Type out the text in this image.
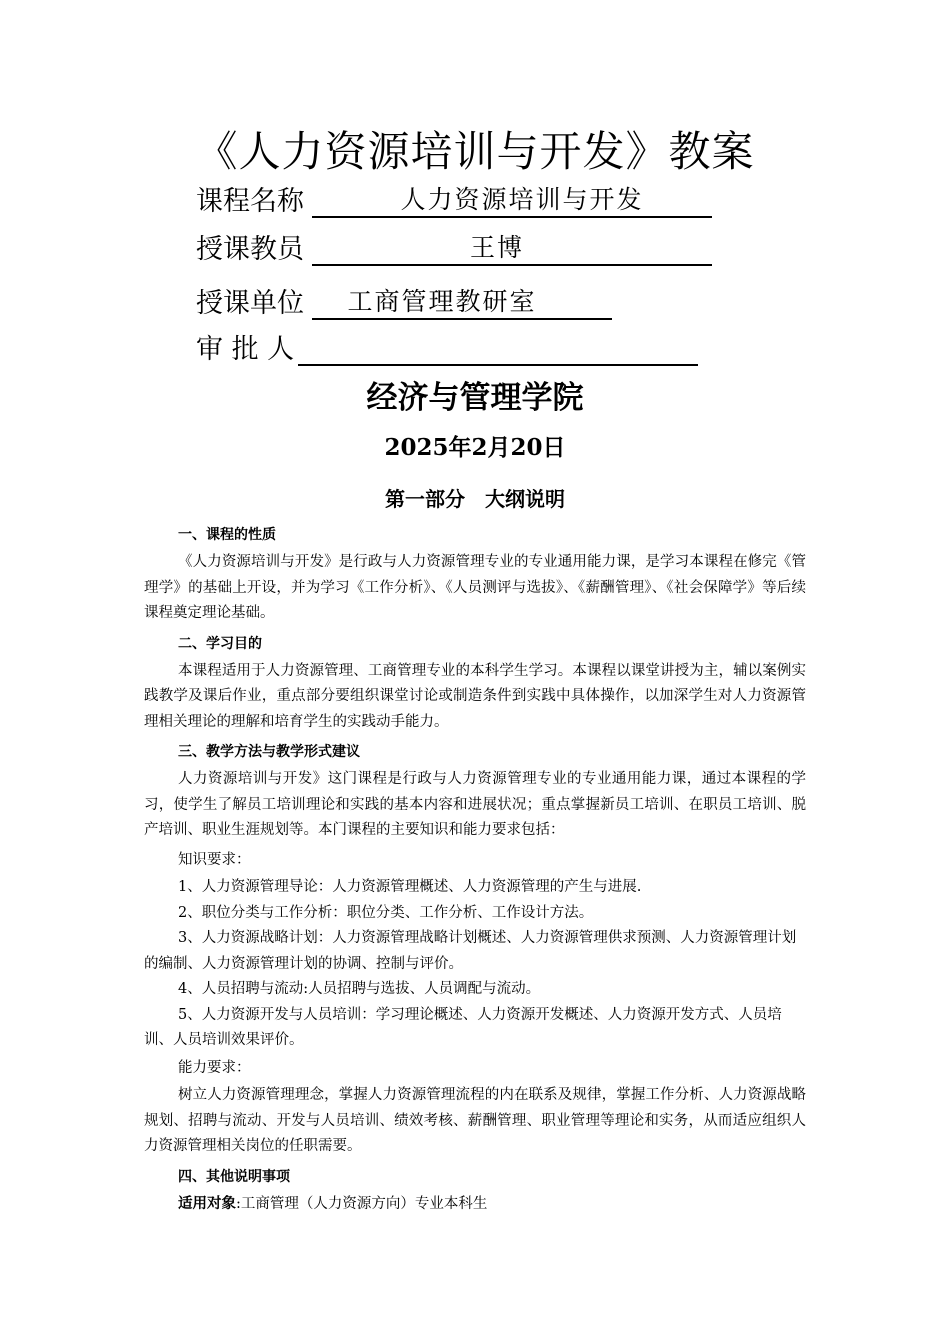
《人力资源培训与开发》教案
课程名称	人力资源培训与开发
授课教员	王博
授课单位	工商管理教研室
审 批 人
经济与管理学院
2025年2月20日
第一部分　大纲说明
一、课程的性质

《人力资源培训与开发》是行政与人力资源管理专业的专业通用能力课，是学习本课程在修完《管理学》的基础上开设，并为学习《工作分析》、《人员测评与选拔》、《薪酬管理》、《社会保障学》等后续课程奠定理论基础。

二、学习目的

本课程适用于人力资源管理、工商管理专业的本科学生学习。本课程以课堂讲授为主，辅以案例实践教学及课后作业，重点部分要组织课堂讨论或制造条件到实践中具体操作，以加深学生对人力资源管理相关理论的理解和培育学生的实践动手能力。

三、教学方法与教学形式建议

人力资源培训与开发》这门课程是行政与人力资源管理专业的专业通用能力课，通过本课程的学习，使学生了解员工培训理论和实践的基本内容和进展状况；重点掌握新员工培训、在职员工培训、脱产培训、职业生涯规划等。本门课程的主要知识和能力要求包括：

知识要求：

1、人力资源管理导论：人力资源管理概述、人力资源管理的产生与进展.

2、职位分类与工作分析：职位分类、工作分析、工作设计方法。

3、人力资源战略计划：人力资源管理战略计划概述、人力资源管理供求预测、人力资源管理计划的编制、人力资源管理计划的协调、控制与评价。

4、人员招聘与流动:人员招聘与选拔、人员调配与流动。

5、人力资源开发与人员培训：学习理论概述、人力资源开发概述、人力资源开发方式、人员培训、人员培训效果评价。

能力要求：

树立人力资源管理理念，掌握人力资源管理流程的内在联系及规律，掌握工作分析、人力资源战略规划、招聘与流动、开发与人员培训、绩效考核、薪酬管理、职业管理等理论和实务，从而适应组织人力资源管理相关岗位的任职需要。

四、其他说明事项

适用对象:工商管理（人力资源方向）专业本科生
